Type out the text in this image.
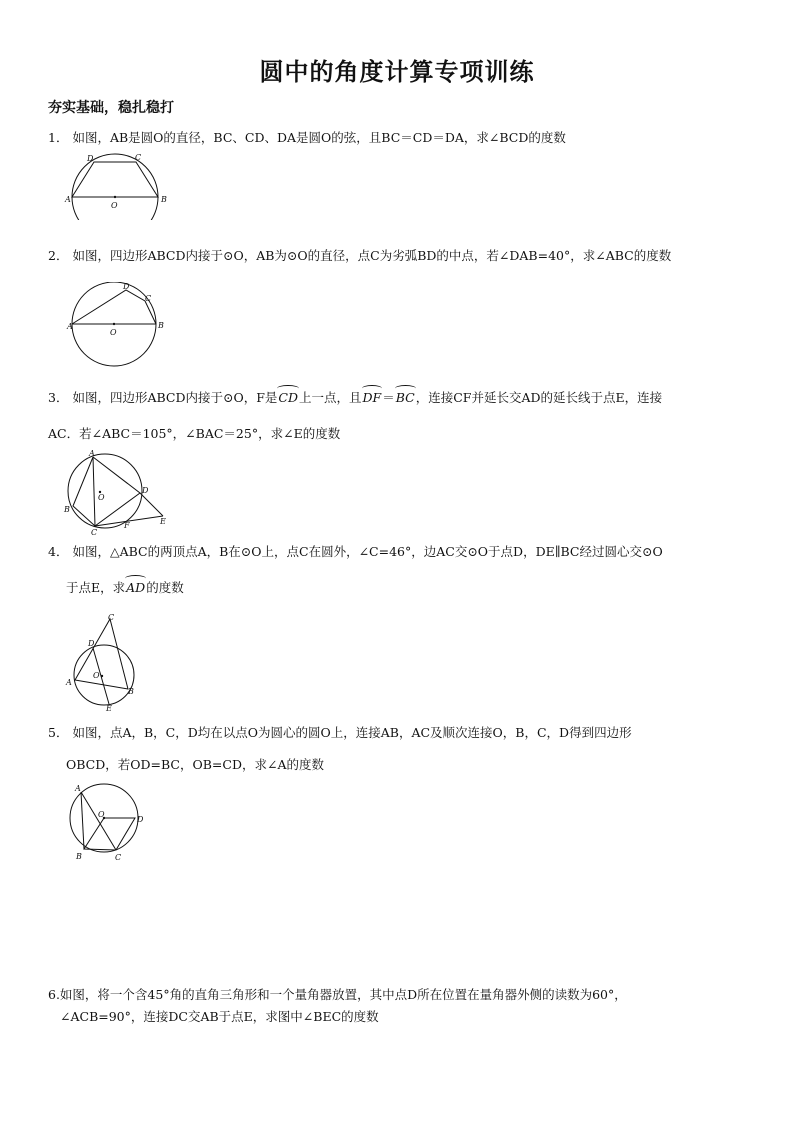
圆中的角度计算专项训练
夯实基础，稳扎稳打
1． 如图，AB是圆O的直径，BC、CD、DA是圆O的弦，且BC＝CD＝DA，求∠BCD的度数
A	B
C
D
O
2． 如图，四边形ABCD内接于⊙O，AB为⊙O的直径，点C为劣弧BD的中点，若∠DAB=40°，求∠ABC的度数
A	B
C
D
O
3． 如图，四边形ABCD内接于⊙O，F是CD上一点，且DF＝BC，连接CF并延长交AD的延长线于点E，连接
AC．若∠ABC＝105°，∠BAC＝25°，求∠E的度数
A
B
C
D
E
F
O
4． 如图，△ABC的两顶点A，B在⊙O上，点C在圆外，∠C=46°，边AC交⊙O于点D，DE∥BC经过圆心交⊙O
于点E，求AD的度数
A
B
C
D
E
O
5． 如图，点A，B，C，D均在以点O为圆心的圆O上，连接AB，AC及顺次连接O，B，C，D得到四边形
OBCD，若OD=BC，OB=CD，求∠A的度数
A
B	C
D
O
6.如图，将一个含45°角的直角三角形和一个量角器放置，其中点D所在位置在量角器外侧的读数为60°，
∠ACB=90°，连接DC交AB于点E，求图中∠BEC的度数
